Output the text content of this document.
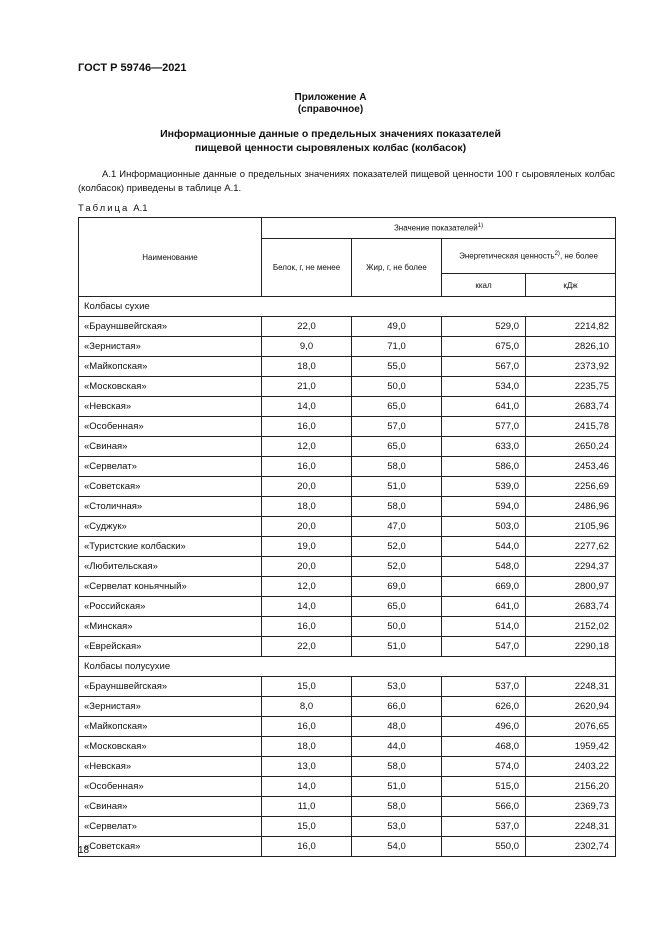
ГОСТ Р 59746—2021
Приложение А
(справочное)
Информационные данные о предельных значениях показателей
пищевой ценности сыровяленых колбас (колбасок)
А.1 Информационные данные о предельных значениях показателей пищевой ценности 100 г сыровяленых колбас (колбасок) приведены в таблице А.1.
Таблица А.1
Наименование	Значение показателей$^{1)}$
	Белок, г, не менее	Жир, г, не более	Энергетическая ценность$^{2)}$, не более	
			ккал	кДж
Колбасы сухие				
«Брауншвейгская»	22,0	49,0	529,0	2214,82
«Зернистая»	9,0	71,0	675,0	2826,10
«Майкопская»	18,0	55,0	567,0	2373,92
«Московская»	21,0	50,0	534,0	2235,75
«Невская»	14,0	65,0	641,0	2683,74
«Особенная»	16,0	57,0	577,0	2415,78
«Свиная»	12,0	65,0	633,0	2650,24
«Сервелат»	16,0	58,0	586,0	2453,46
«Советская»	20,0	51,0	539,0	2256,69
«Столичная»	18,0	58,0	594,0	2486,96
«Суджук»	20,0	47,0	503,0	2105,96
«Туристские колбаски»	19,0	52,0	544,0	2277,62
«Любительская»	20,0	52,0	548,0	2294,37
«Сервелат коньячный»	12,0	69,0	669,0	2800,97
«Российская»	14,0	65,0	641,0	2683,74
«Минская»	16,0	50,0	514,0	2152,02
«Еврейская»	22,0	51,0	547,0	2290,18
Колбасы полусухие				
«Брауншвейгская»	15,0	53,0	537,0	2248,31
«Зернистая»	8,0	66,0	626,0	2620,94
«Майкопская»	16,0	48,0	496,0	2076,65
«Московская»	18,0	44,0	468,0	1959,42
«Невская»	13,0	58,0	574,0	2403,22
«Особенная»	14,0	51,0	515,0	2156,20
«Свиная»	11,0	58,0	566,0	2369,73
«Сервелат»	15,0	53,0	537,0	2248,31
«Советская»	16,0	54,0	550,0	2302,74
18
